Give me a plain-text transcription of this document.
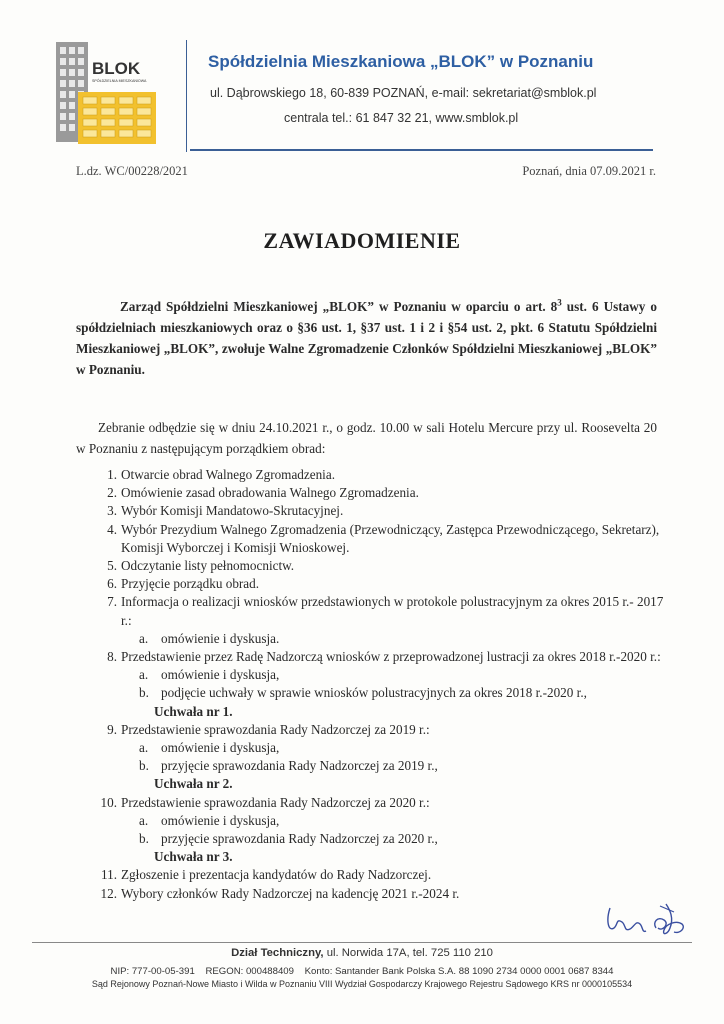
BLOK
SPÓŁDZIELNIA MIESZKANIOWA
Spółdzielnia Mieszkaniowa „BLOK” w Poznaniu
ul. Dąbrowskiego 18, 60-839 POZNAŃ, e-mail: sekretariat@smblok.pl
centrala tel.: 61 847 32 21, www.smblok.pl
L.dz. WC/00228/2021	Poznań, dnia 07.09.2021 r.
ZAWIADOMIENIE
Zarząd Spółdzielni Mieszkaniowej „BLOK” w Poznaniu w oparciu o art. $8^3$ ust. 6 Ustawy o spółdzielniach mieszkaniowych oraz o §36 ust. 1, §37 ust. 1 i 2 i §54 ust. 2, pkt. 6 Statutu Spółdzielni Mieszkaniowej „BLOK”, zwołuje Walne Zgromadzenie Członków Spółdzielni Mieszkaniowej „BLOK” w Poznaniu.
Zebranie odbędzie się w dniu 24.10.2021 r., o godz. 10.00 w sali Hotelu Mercure przy ul. Roosevelta 20 w Poznaniu z następującym porządkiem obrad:
1. Otwarcie obrad Walnego Zgromadzenia.
2. Omówienie zasad obradowania Walnego Zgromadzenia.
3. Wybór Komisji Mandatowo-Skrutacyjnej.
4. Wybór Prezydium Walnego Zgromadzenia (Przewodniczący, Zastępca Przewodniczącego, Sekretarz), Komisji Wyborczej i Komisji Wnioskowej.
5. Odczytanie listy pełnomocnictw.
6. Przyjęcie porządku obrad.
7. Informacja o realizacji wniosków przedstawionych w protokole polustracyjnym za okres 2015 r.- 2017 r.:
a. omówienie i dyskusja.
8. Przedstawienie przez Radę Nadzorczą wniosków z przeprowadzonej lustracji za okres 2018 r.-2020 r.:
a. omówienie i dyskusja,
b. podjęcie uchwały w sprawie wniosków polustracyjnych za okres 2018 r.-2020 r.,
Uchwała nr 1.
9. Przedstawienie sprawozdania Rady Nadzorczej za 2019 r.:
a. omówienie i dyskusja,
b. przyjęcie sprawozdania Rady Nadzorczej za 2019 r.,
Uchwała nr 2.
10. Przedstawienie sprawozdania Rady Nadzorczej za 2020 r.:
a. omówienie i dyskusja,
b. przyjęcie sprawozdania Rady Nadzorczej za 2020 r.,
Uchwała nr 3.
11. Zgłoszenie i prezentacja kandydatów do Rady Nadzorczej.
12. Wybory członków Rady Nadzorczej na kadencję 2021 r.-2024 r.
Dział Techniczny, ul. Norwida 17A, tel. 725 110 210
NIP: 777-00-05-391    REGON: 000488409    Konto: Santander Bank Polska S.A. 88 1090 2734 0000 0001 0687 8344
Sąd Rejonowy Poznań-Nowe Miasto i Wilda w Poznaniu VIII Wydział Gospodarczy Krajowego Rejestru Sądowego KRS nr 0000105534
